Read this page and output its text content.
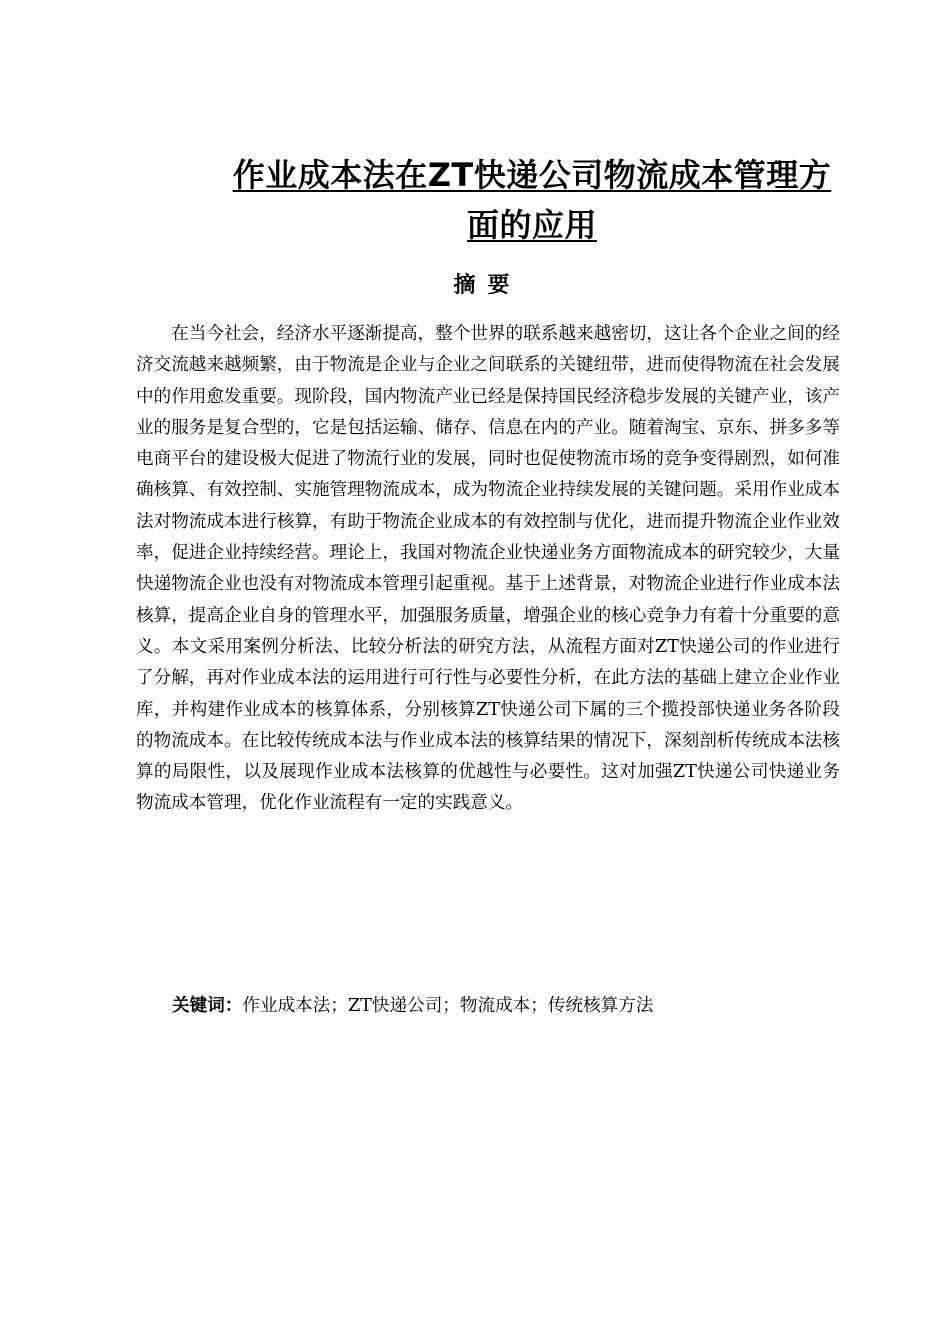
作业成本法在ZT快递公司物流成本管理方面的应用
摘要

在当今社会，经济水平逐渐提高，整个世界的联系越来越密切，这让各个企业之间的经济交流越来越频繁，由于物流是企业与企业之间联系的关键纽带，进而使得物流在社会发展中的作用愈发重要。现阶段，国内物流产业已经是保持国民经济稳步发展的关键产业，该产业的服务是复合型的，它是包括运输、储存、信息在内的产业。随着淘宝、京东、拼多多等电商平台的建设极大促进了物流行业的发展，同时也促使物流市场的竞争变得剧烈，如何准确核算、有效控制、实施管理物流成本，成为物流企业持续发展的关键问题。采用作业成本法对物流成本进行核算，有助于物流企业成本的有效控制与优化，进而提升物流企业作业效率，促进企业持续经营。理论上，我国对物流企业快递业务方面物流成本的研究较少，大量快递物流企业也没有对物流成本管理引起重视。基于上述背景，对物流企业进行作业成本法核算，提高企业自身的管理水平，加强服务质量，增强企业的核心竞争力有着十分重要的意义。本文采用案例分析法、比较分析法的研究方法，从流程方面对ZT快递公司的作业进行了分解，再对作业成本法的运用进行可行性与必要性分析，在此方法的基础上建立企业作业库，并构建作业成本的核算体系，分别核算ZT快递公司下属的三个揽投部快递业务各阶段的物流成本。在比较传统成本法与作业成本法的核算结果的情况下，深刻剖析传统成本法核算的局限性，以及展现作业成本法核算的优越性与必要性。这对加强ZT快递公司快递业务物流成本管理，优化作业流程有一定的实践意义。

关键词：作业成本法；ZT快递公司；物流成本；传统核算方法
